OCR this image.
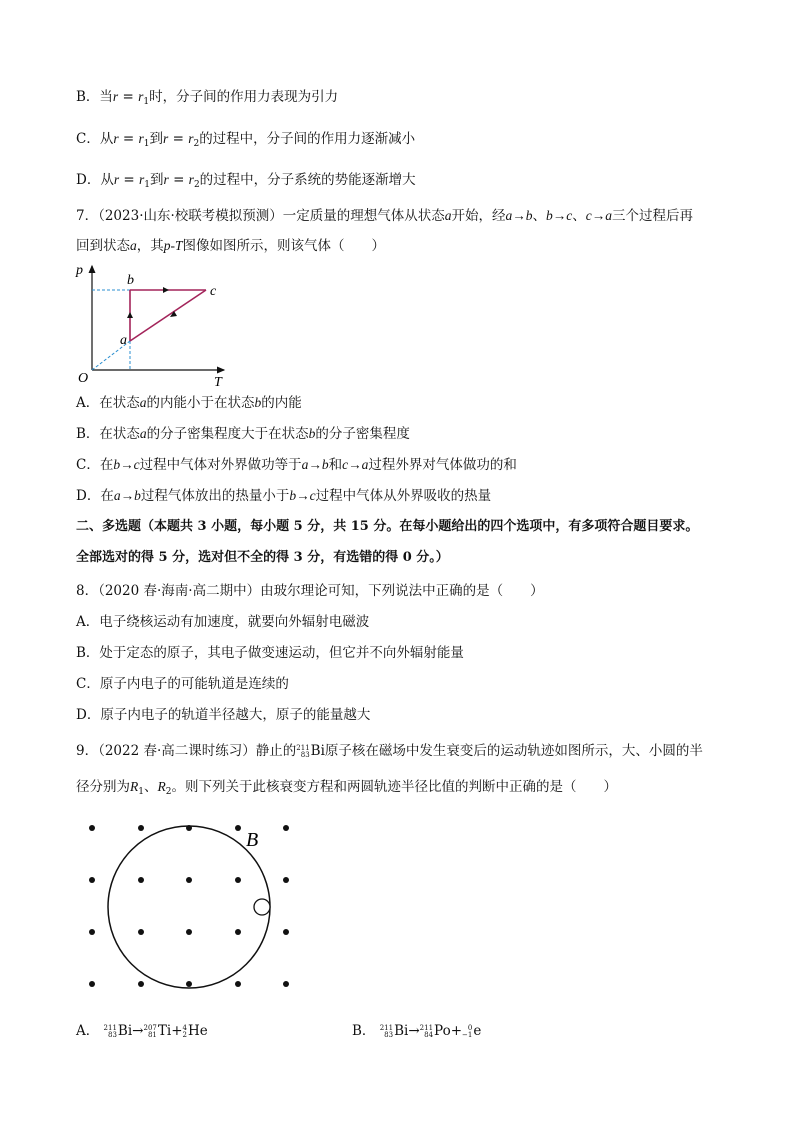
B．当$r = r_1$时，分子间的作用力表现为引力
C．从$r = r_1$到$r = r_2$的过程中，分子间的作用力逐渐减小
D．从$r = r_1$到$r = r_2$的过程中，分子系统的势能逐渐增大
7．（2023·山东·校联考模拟预测）一定质量的理想气体从状态a开始，经a→b、b→c、c→a三个过程后再
回到状态a，其p-T图像如图所示，则该气体（　　）
p
T
O
a
b
c
A．在状态a的内能小于在状态b的内能
B．在状态a的分子密集程度大于在状态b的分子密集程度
C．在b→c过程中气体对外界做功等于a→b和c→a过程外界对气体做功的和
D．在a→b过程气体放出的热量小于b→c过程中气体从外界吸收的热量
二、多选题（本题共 3 小题，每小题 5 分，共 15 分。在每小题给出的四个选项中，有多项符合题目要求。
全部选对的得 5 分，选对但不全的得 3 分，有选错的得 0 分。）
8．（2020 春·海南·高二期中）由玻尔理论可知，下列说法中正确的是（　　）
A．电子绕核运动有加速度，就要向外辐射电磁波
B．处于定态的原子，其电子做变速运动，但它并不向外辐射能量
C．原子内电子的可能轨道是连续的
D．原子内电子的轨道半径越大，原子的能量越大
9．（2022 春·高二课时练习）静止的 211
83 Bi原子核在磁场中发生衰变后的运动轨迹如图所示，大、小圆的半
径分别为$R_1$、$R_2$。则下列关于此核衰变方程和两圆轨迹半径比值的判断中正确的是（　　）
B
A． 211
83 Bi→ 207
81 Ti+ 4
2 He	B． 211
83 Bi→ 211
84 Po+ 0
−1 e
